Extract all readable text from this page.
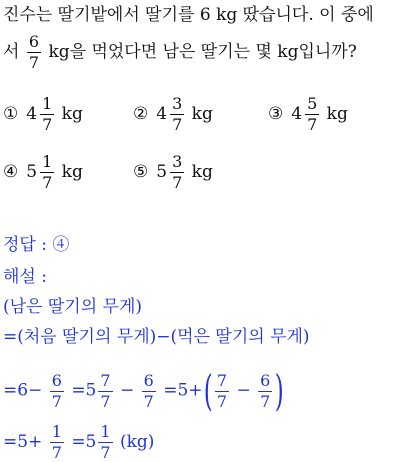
진수는 딸기밭에서 딸기를 6 kg 땄습니다. 이 중에
서 $\frac{6}{7}$ kg을 먹었다면 남은 딸기는 몇 kg입니까?
① $4 \frac{1}{7}$ kg	② $4 \frac{3}{7}$ kg	③ $4 \frac{5}{7}$ kg
④ $5 \frac{1}{7}$ kg	⑤ $5 \frac{3}{7}$ kg
정답 : ④
해설 :
(남은 딸기의 무게)
=(처음 딸기의 무게)−(먹은 딸기의 무게)
$=6- \frac{6}{7} =5 \frac{7}{7} - \frac{6}{7} =5+( \frac{7}{7} - \frac{6}{7}$ )
$=5+ \frac{1}{7} =5 \frac{1}{7} (kg)$
